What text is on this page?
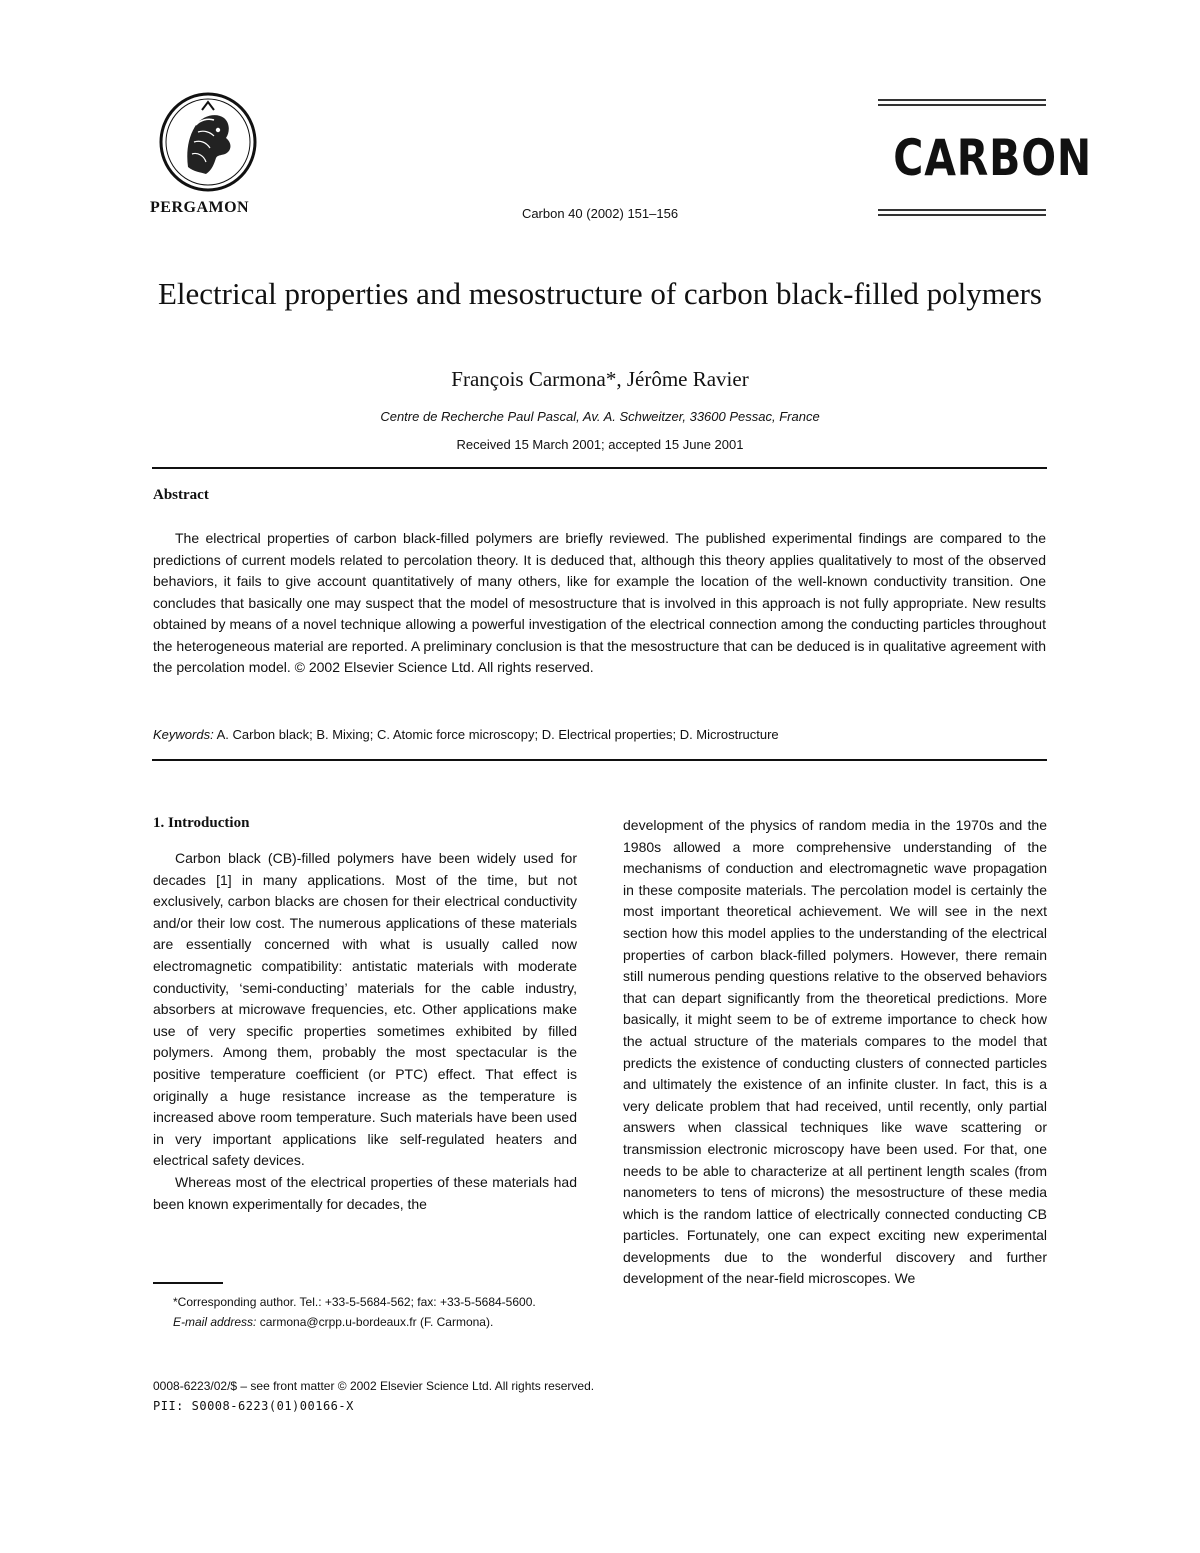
PERGAMON	Carbon 40 (2002) 151–156
CARBON
Electrical properties and mesostructure of carbon black-filled polymers
François Carmona*, Jérôme Ravier
Centre de Recherche Paul Pascal, Av. A. Schweitzer, 33600 Pessac, France
Received 15 March 2001; accepted 15 June 2001
Abstract
The electrical properties of carbon black-filled polymers are briefly reviewed. The published experimental findings are compared to the predictions of current models related to percolation theory. It is deduced that, although this theory applies qualitatively to most of the observed behaviors, it fails to give account quantitatively of many others, like for example the location of the well-known conductivity transition. One concludes that basically one may suspect that the model of mesostructure that is involved in this approach is not fully appropriate. New results obtained by means of a novel technique allowing a powerful investigation of the electrical connection among the conducting particles throughout the heterogeneous material are reported. A preliminary conclusion is that the mesostructure that can be deduced is in qualitative agreement with the percolation model. © 2002 Elsevier Science Ltd. All rights reserved.
Keywords: A. Carbon black; B. Mixing; C. Atomic force microscopy; D. Electrical properties; D. Microstructure
1. Introduction

Carbon black (CB)-filled polymers have been widely used for decades [1] in many applications. Most of the time, but not exclusively, carbon blacks are chosen for their electrical conductivity and/or their low cost. The numerous applications of these materials are essentially concerned with what is usually called now electromagnetic compatibility: antistatic materials with moderate conductivity, ‘semi-conducting’ materials for the cable industry, absorbers at microwave frequencies, etc. Other applications make use of very specific properties sometimes exhibited by filled polymers. Among them, probably the most spectacular is the positive temperature coefficient (or PTC) effect. That effect is originally a huge resistance increase as the temperature is increased above room temperature. Such materials have been used in very important applications like self-regulated heaters and electrical safety devices.

Whereas most of the electrical properties of these materials had been known experimentally for decades, the

development of the physics of random media in the 1970s and the 1980s allowed a more comprehensive understanding of the mechanisms of conduction and electromagnetic wave propagation in these composite materials. The percolation model is certainly the most important theoretical achievement. We will see in the next section how this model applies to the understanding of the electrical properties of carbon black-filled polymers. However, there remain still numerous pending questions relative to the observed behaviors that can depart significantly from the theoretical predictions. More basically, it might seem to be of extreme importance to check how the actual structure of the materials compares to the model that predicts the existence of conducting clusters of connected particles and ultimately the existence of an infinite cluster. In fact, this is a very delicate problem that had received, until recently, only partial answers when classical techniques like wave scattering or transmission electronic microscopy have been used. For that, one needs to be able to characterize at all pertinent length scales (from nanometers to tens of microns) the mesostructure of these media which is the random lattice of electrically connected conducting CB particles. Fortunately, one can expect exciting new experimental developments due to the wonderful discovery and further development of the near-field microscopes. We

*Corresponding author. Tel.: +33-5-5684-562; fax: +33-5-5684-5600.
E-mail address: carmona@crpp.u-bordeaux.fr (F. Carmona).
0008-6223/02/$ – see front matter © 2002 Elsevier Science Ltd. All rights reserved.
PII: S0008-6223(01)00166-X
